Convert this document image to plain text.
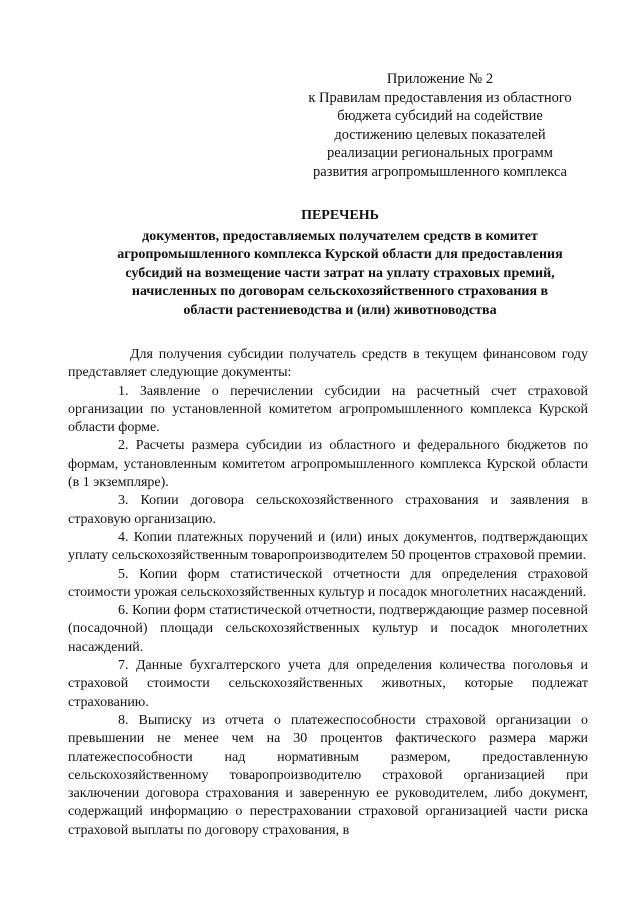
Приложение № 2
к Правилам предоставления из областного
бюджета субсидий на содействие
достижению целевых показателей
реализации региональных программ
развития агропромышленного комплекса
ПЕРЕЧЕНЬ
документов, предоставляемых получателем средств в комитет
агропромышленного комплекса Курской области для предоставления
субсидий на возмещение части затрат на уплату страховых премий,
начисленных по договорам сельскохозяйственного страхования в
области растениеводства и (или) животноводства

Для получения субсидии получатель средств в текущем финансовом году представляет следующие документы:

1. Заявление о перечислении субсидии на расчетный счет страховой организации по установленной комитетом агропромышленного комплекса Курской области форме.

2. Расчеты размера субсидии из областного и федерального бюджетов по формам, установленным комитетом агропромышленного комплекса Курской области (в 1 экземпляре).

3. Копии договора сельскохозяйственного страхования и заявления в страховую организацию.

4. Копии платежных поручений и (или) иных документов, подтверждающих уплату сельскохозяйственным товаропроизводителем 50 процентов страховой премии.

5. Копии форм статистической отчетности для определения страховой стоимости урожая сельскохозяйственных культур и посадок многолетних насаждений.

6. Копии форм статистической отчетности, подтверждающие размер посевной (посадочной) площади сельскохозяйственных культур и посадок многолетних насаждений.

7. Данные бухгалтерского учета для определения количества поголовья и страховой стоимости сельскохозяйственных животных, которые подлежат страхованию.

8. Выписку из отчета о платежеспособности страховой организации о превышении не менее чем на 30 процентов фактического размера маржи платежеспособности над нормативным размером, предоставленную сельскохозяйственному товаропроизводителю страховой организацией при заключении договора страхования и заверенную ее руководителем, либо документ, содержащий информацию о перестраховании страховой организацией части риска страховой выплаты по договору страхования, в
